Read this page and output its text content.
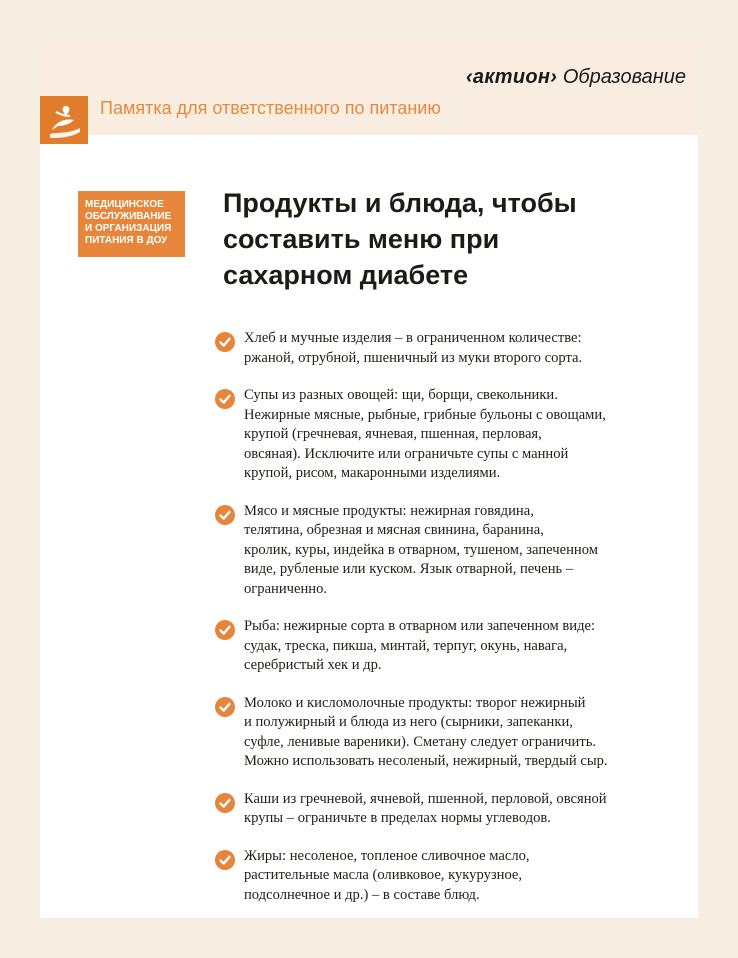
‹актион› Образование
Памятка для ответственного по питанию
МЕДИЦИНСКОЕ
ОБСЛУЖИВАНИЕ
И ОРГАНИЗАЦИЯ
ПИТАНИЯ В ДОУ
Продукты и блюда, чтобы
составить меню при
сахарном диабете
Хлеб и мучные изделия – в ограниченном количестве:
ржаной, отрубной, пшеничный из муки второго сорта.
Супы из разных овощей: щи, борщи, свекольники.
Нежирные мясные, рыбные, грибные бульоны с овощами,
крупой (гречневая, ячневая, пшенная, перловая,
овсяная). Исключите или ограничьте супы с манной
крупой, рисом, макаронными изделиями.
Мясо и мясные продукты: нежирная говядина,
телятина, обрезная и мясная свинина, баранина,
кролик, куры, индейка в отварном, тушеном, запеченном
виде, рубленые или куском. Язык отварной, печень –
ограниченно.
Рыба: нежирные сорта в отварном или запеченном виде:
судак, треска, пикша, минтай, терпуг, окунь, навага,
серебристый хек и др.
Молоко и кисломолочные продукты: творог нежирный
и полужирный и блюда из него (сырники, запеканки,
суфле, ленивые вареники). Сметану следует ограничить.
Можно использовать несоленый, нежирный, твердый сыр.
Каши из гречневой, ячневой, пшенной, перловой, овсяной
крупы – ограничьте в пределах нормы углеводов.
Жиры: несоленое, топленое сливочное масло,
растительные масла (оливковое, кукурузное,
подсолнечное и др.) – в составе блюд.
